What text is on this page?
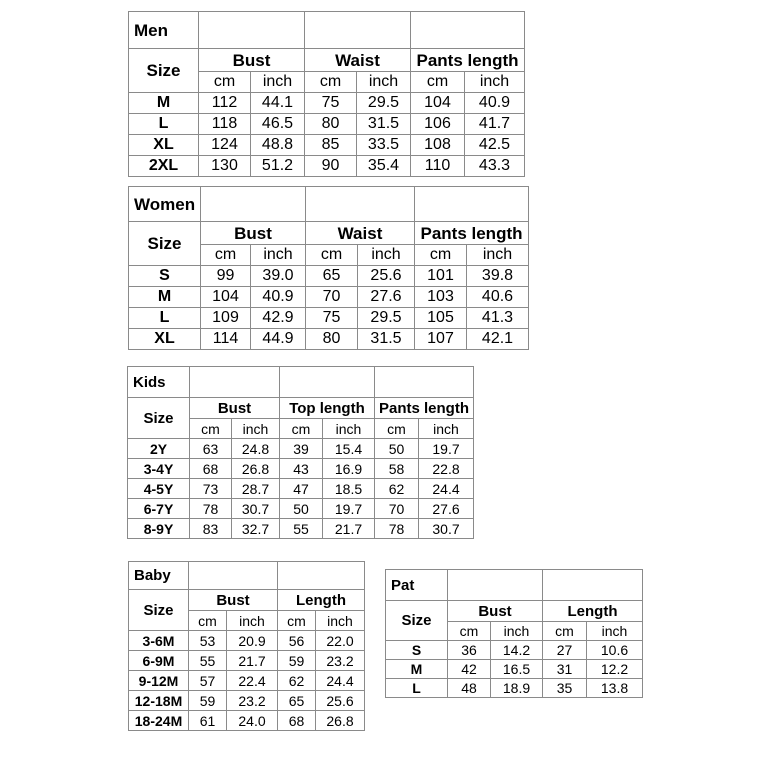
Men						
Size	Bust		Waist		Pants length	
	cm	inch	cm	inch	cm	inch
M	112	44.1	75	29.5	104	40.9
L	118	46.5	80	31.5	106	41.7
XL	124	48.8	85	33.5	108	42.5
2XL	130	51.2	90	35.4	110	43.3
Women						
Size	Bust		Waist		Pants length	
	cm	inch	cm	inch	cm	inch
S	99	39.0	65	25.6	101	39.8
M	104	40.9	70	27.6	103	40.6
L	109	42.9	75	29.5	105	41.3
XL	114	44.9	80	31.5	107	42.1
Kids						
Size	Bust		Top length		Pants length	
	cm	inch	cm	inch	cm	inch
2Y	63	24.8	39	15.4	50	19.7
3-4Y	68	26.8	43	16.9	58	22.8
4-5Y	73	28.7	47	18.5	62	24.4
6-7Y	78	30.7	50	19.7	70	27.6
8-9Y	83	32.7	55	21.7	78	30.7
Baby				
Size	Bust		Length	
	cm	inch	cm	inch
3-6M	53	20.9	56	22.0
6-9M	55	21.7	59	23.2
9-12M	57	22.4	62	24.4
12-18M	59	23.2	65	25.6
18-24M	61	24.0	68	26.8
Pat				
Size	Bust		Length	
	cm	inch	cm	inch
S	36	14.2	27	10.6
M	42	16.5	31	12.2
L	48	18.9	35	13.8
